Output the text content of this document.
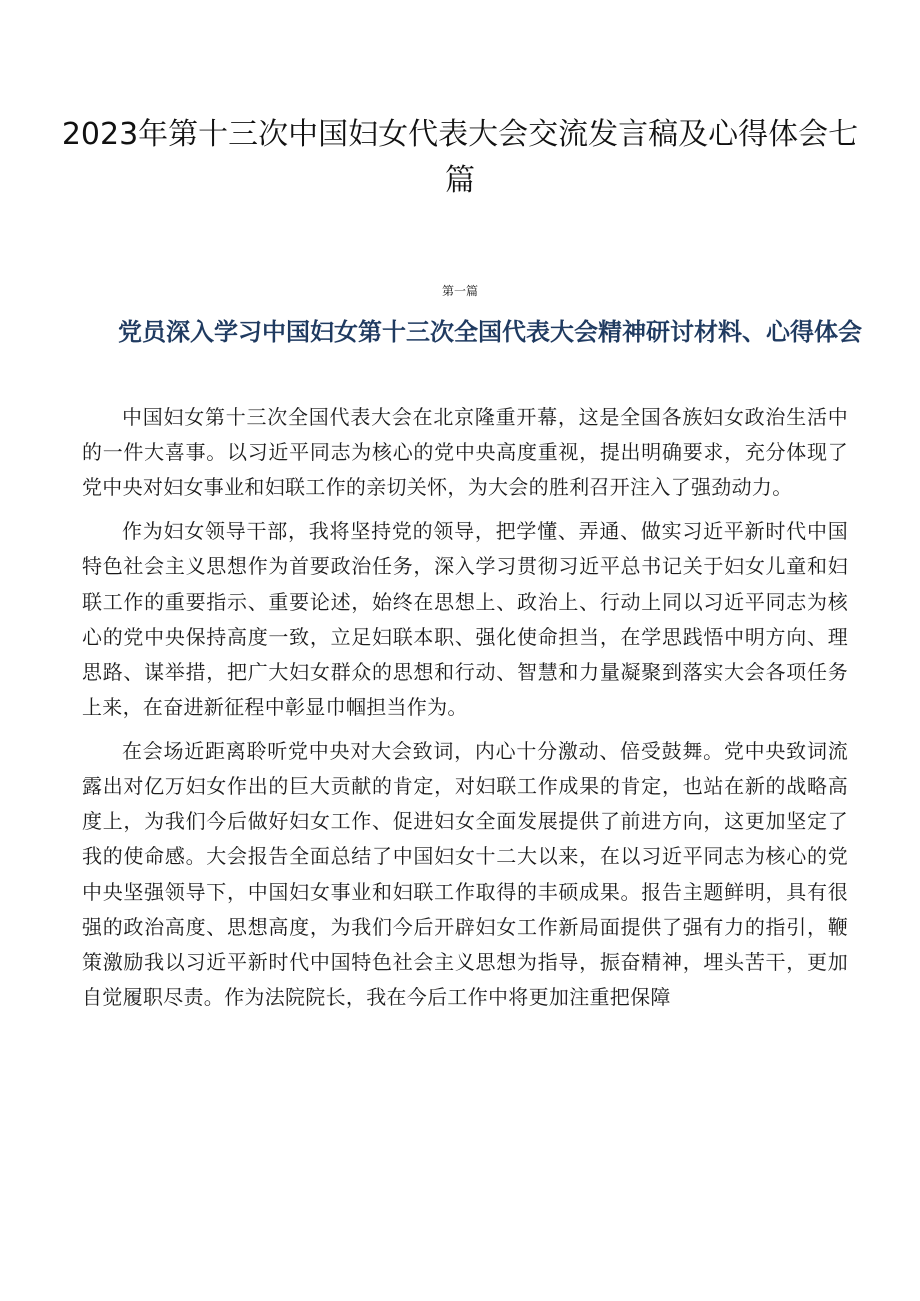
2023年第十三次中国妇女代表大会交流发言稿及心得体会七篇
第一篇
党员深入学习中国妇女第十三次全国代表大会精神研讨材料、心得体会

中国妇女第十三次全国代表大会在北京隆重开幕，这是全国各族妇女政治生活中的一件大喜事。以习近平同志为核心的党中央高度重视，提出明确要求，充分体现了党中央对妇女事业和妇联工作的亲切关怀，为大会的胜利召开注入了强劲动力。

作为妇女领导干部，我将坚持党的领导，把学懂、弄通、做实习近平新时代中国特色社会主义思想作为首要政治任务，深入学习贯彻习近平总书记关于妇女儿童和妇联工作的重要指示、重要论述，始终在思想上、政治上、行动上同以习近平同志为核心的党中央保持高度一致，立足妇联本职、强化使命担当，在学思践悟中明方向、理思路、谋举措，把广大妇女群众的思想和行动、智慧和力量凝聚到落实大会各项任务上来，在奋进新征程中彰显巾帼担当作为。

在会场近距离聆听党中央对大会致词，内心十分激动、倍受鼓舞。党中央致词流露出对亿万妇女作出的巨大贡献的肯定，对妇联工作成果的肯定，也站在新的战略高度上，为我们今后做好妇女工作、促进妇女全面发展提供了前进方向，这更加坚定了我的使命感。大会报告全面总结了中国妇女十二大以来，在以习近平同志为核心的党中央坚强领导下，中国妇女事业和妇联工作取得的丰硕成果。报告主题鲜明，具有很强的政治高度、思想高度，为我们今后开辟妇女工作新局面提供了强有力的指引，鞭策激励我以习近平新时代中国特色社会主义思想为指导，振奋精神，埋头苦干，更加自觉履职尽责。作为法院院长，我在今后工作中将更加注重把保障
